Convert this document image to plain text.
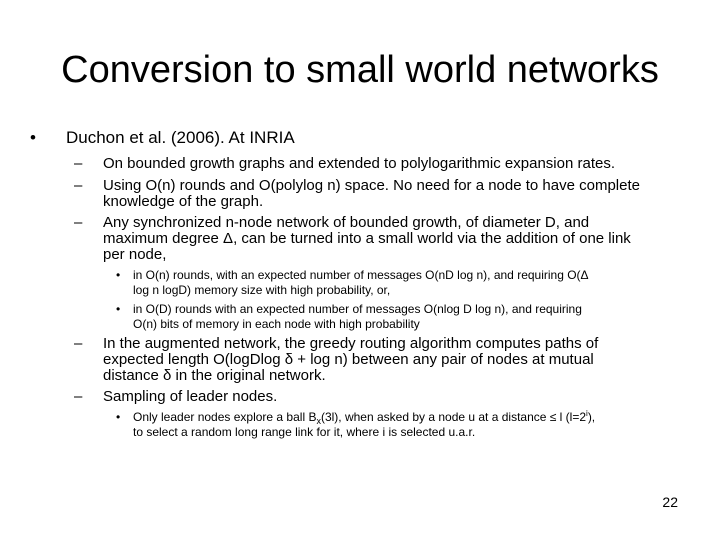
Conversion to small world networks
• Duchon et al. (2006). At INRIA
– On bounded growth graphs and extended to polylogarithmic expansion rates.
– Using O(n) rounds and O(polylog n) space. No need for a node to have complete
knowledge of the graph.
– Any synchronized n-node network of bounded growth, of diameter D, and
maximum degree Δ, can be turned into a small world via the addition of one link
per node,
• in O(n) rounds, with an expected number of messages O(nD log n), and requiring O(Δ
log n logD) memory size with high probability, or,
• in O(D) rounds with an expected number of messages O(nlog D log n), and requiring
O(n) bits of memory in each node with high probability
– In the augmented network, the greedy routing algorithm computes paths of
expected length O(logDlog δ + log n) between any pair of nodes at mutual
distance δ in the original network.
– Sampling of leader nodes.
• Only leader nodes explore a ball $B_x(3l)$, when asked by a node u at a distance ≤ l $(l=2^i)$,
to select a random long range link for it, where i is selected u.a.r.
22
